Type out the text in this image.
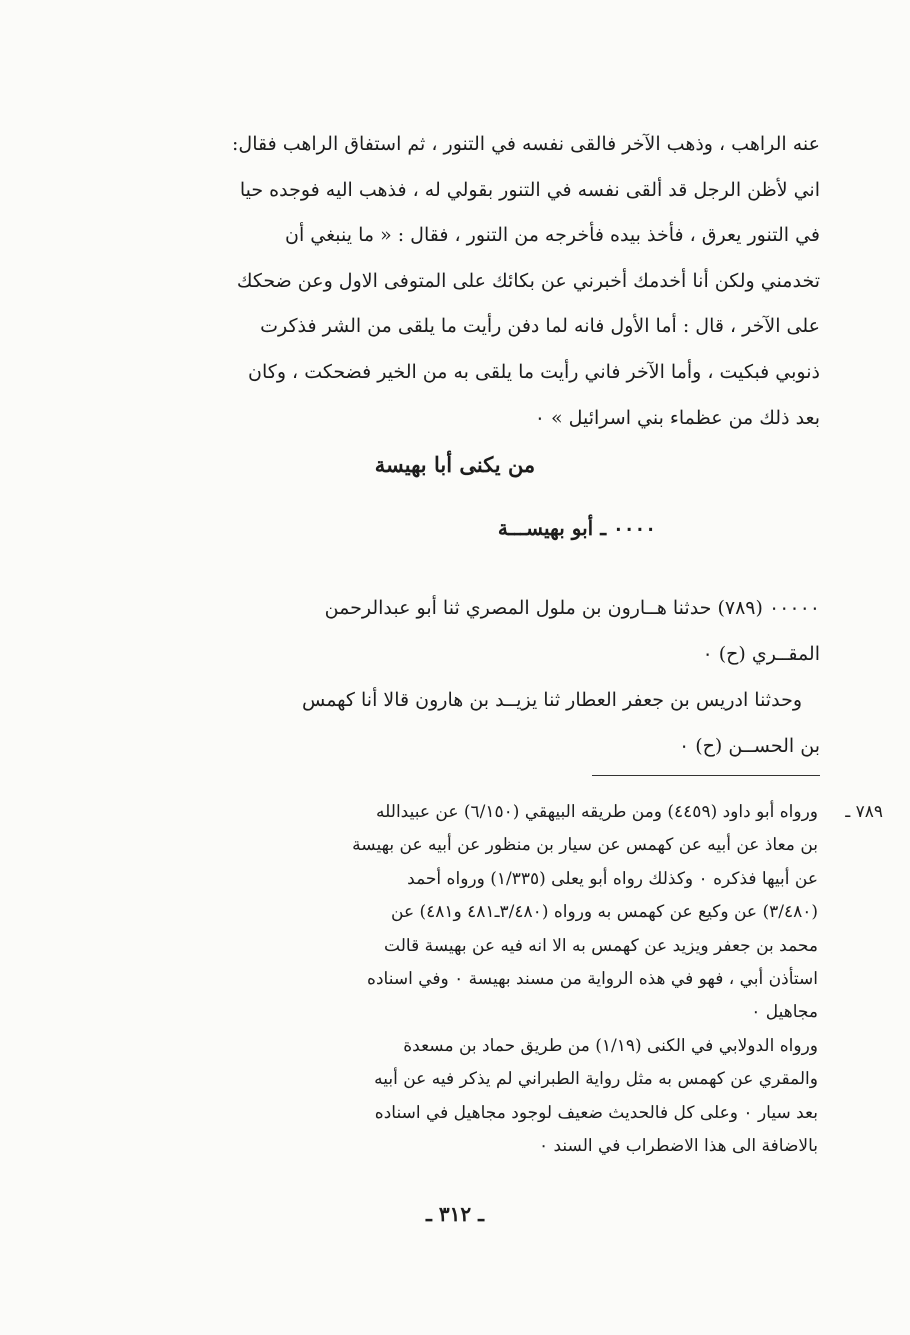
عنه الراهب ، وذهب الآخر فالقى نفسه في التنور ، ثم استفاق الراهب فقال:

اني لأظن الرجل قد ألقى نفسه في التنور بقولي له ، فذهب اليه فوجده حيا

في التنور يعرق ، فأخذ بيده فأخرجه من التنور ، فقال : « ما ينبغي أن

تخدمني ولكن أنا أخدمك أخبرني عن بكائك على المتوفى الاول وعن ضحكك

على الآخر ، قال : أما الأول فانه لما دفن رأيت ما يلقى من الشر فذكرت

ذنوبي فبكيت ، وأما الآخر فاني رأيت ما يلقى به من الخير فضحكت ، وكان

بعد ذلك من عظماء بني اسرائيل » ٠

من يكنى أبا بهيسة
٠٠٠٠ ـ أبو بهيســـة

٠٠٠٠٠ (٧٨٩) حدثنا هــارون بن ملول المصري ثنا أبو عبدالرحمن

المقــري (ح) ٠

وحدثنا ادريس بن جعفر العطار ثنا يزيــد بن هارون قالا أنا كهمس

بن الحســن (ح) ٠

٧٨٩ ـ

ورواه أبو داود (٤٤٥٩) ومن طريقه البيهقي (٦/١٥٠) عن عبيدالله

بن معاذ عن أبيه عن كهمس عن سيار بن منظور عن أبيه عن بهيسة

عن أبيها فذكره ٠ وكذلك رواه أبو يعلى (١/٣٣٥) ورواه أحمد

(٣/٤٨٠) عن وكيع عن كهمس به ورواه (٣/٤٨٠ـ٤٨١ و٤٨١) عن

محمد بن جعفر ويزيد عن كهمس به الا انه فيه عن بهيسة قالت

استأذن أبي ، فهو في هذه الرواية من مسند بهيسة ٠ وفي اسناده

مجاهيل ٠

ورواه الدولابي في الكنى (١/١٩) من طريق حماد بن مسعدة

والمقري عن كهمس به مثل رواية الطبراني لم يذكر فيه عن أبيه

بعد سيار ٠ وعلى كل فالحديث ضعيف لوجود مجاهيل في اسناده

بالاضافة الى هذا الاضطراب في السند ٠

ـ ٣١٢ ـ
